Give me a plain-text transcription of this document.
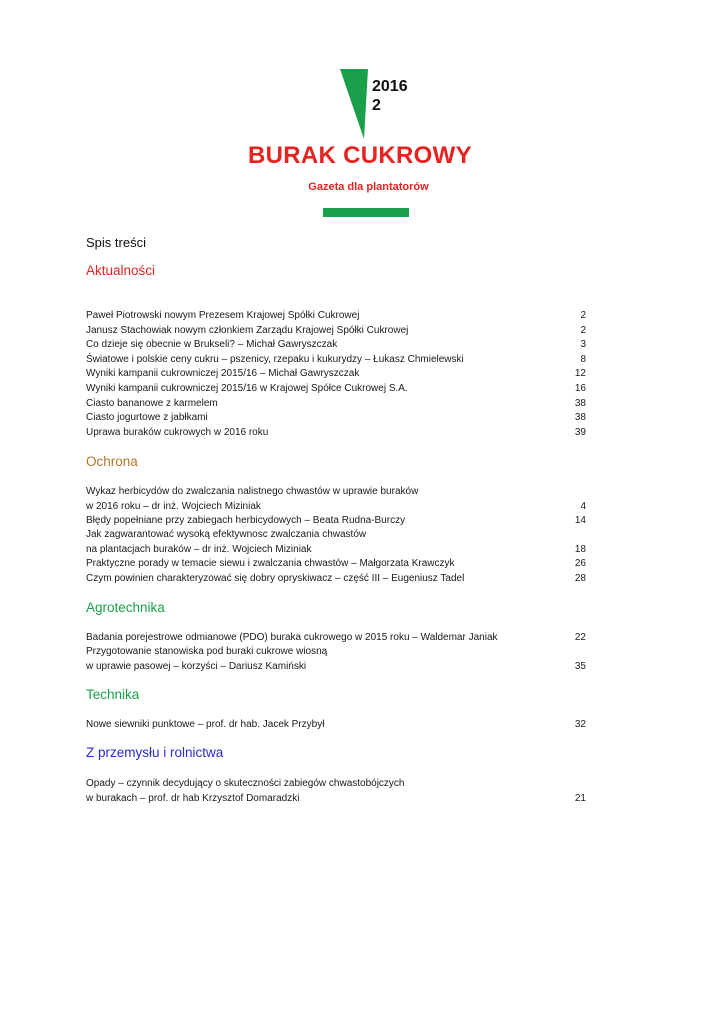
2016
2
BURAK CUKROWY
Gazeta dla plantatorów
Spis treści
Aktualności
Paweł Piotrowski nowym Prezesem Krajowej Spółki Cukrowej	2
Janusz Stachowiak nowym członkiem Zarządu Krajowej Spółki Cukrowej	2
Co dzieje się obecnie w Brukseli? – Michał Gawryszczak	3
Światowe i polskie ceny cukru – pszenicy, rzepaku i kukurydzy – Łukasz Chmielewski	8
Wyniki kampanii cukrowniczej 2015/16 – Michał Gawryszczak	12
Wyniki kampanii cukrowniczej 2015/16 w Krajowej Spółce Cukrowej S.A.	16
Ciasto bananowe z karmelem	38
Ciasto jogurtowe z jabłkami	38
Uprawa buraków cukrowych w 2016 roku	39
Ochrona
Wykaz herbicydów do zwalczania nalistnego chwastów w uprawie buraków
w 2016 roku – dr inż. Wojciech Miziniak	4
Błędy popełniane przy zabiegach herbicydowych – Beata Rudna-Burczy	14
Jak zagwarantować wysoką efektywnosc zwalczania chwastów
na plantacjach buraków – dr inż. Wojciech Miziniak	18
Praktyczne porady w temacie siewu i zwalczania chwastów – Małgorzata Krawczyk	26
Czym powinien charakteryzować się dobry opryskiwacz – część III – Eugeniusz Tadel	28
Agrotechnika
Badania porejestrowe odmianowe (PDO) buraka cukrowego w 2015 roku – Waldemar Janiak	22
Przygotowanie stanowiska pod buraki cukrowe wiosną
w uprawie pasowej – korzyści – Dariusz Kamiński	35
Technika
Nowe siewniki punktowe – prof. dr hab. Jacek Przybył	32
Z przemysłu i rolnictwa
Opady – czynnik decydujący o skuteczności zabiegów chwastobójczych
w burakach – prof. dr hab Krzysztof Domaradzki	21
